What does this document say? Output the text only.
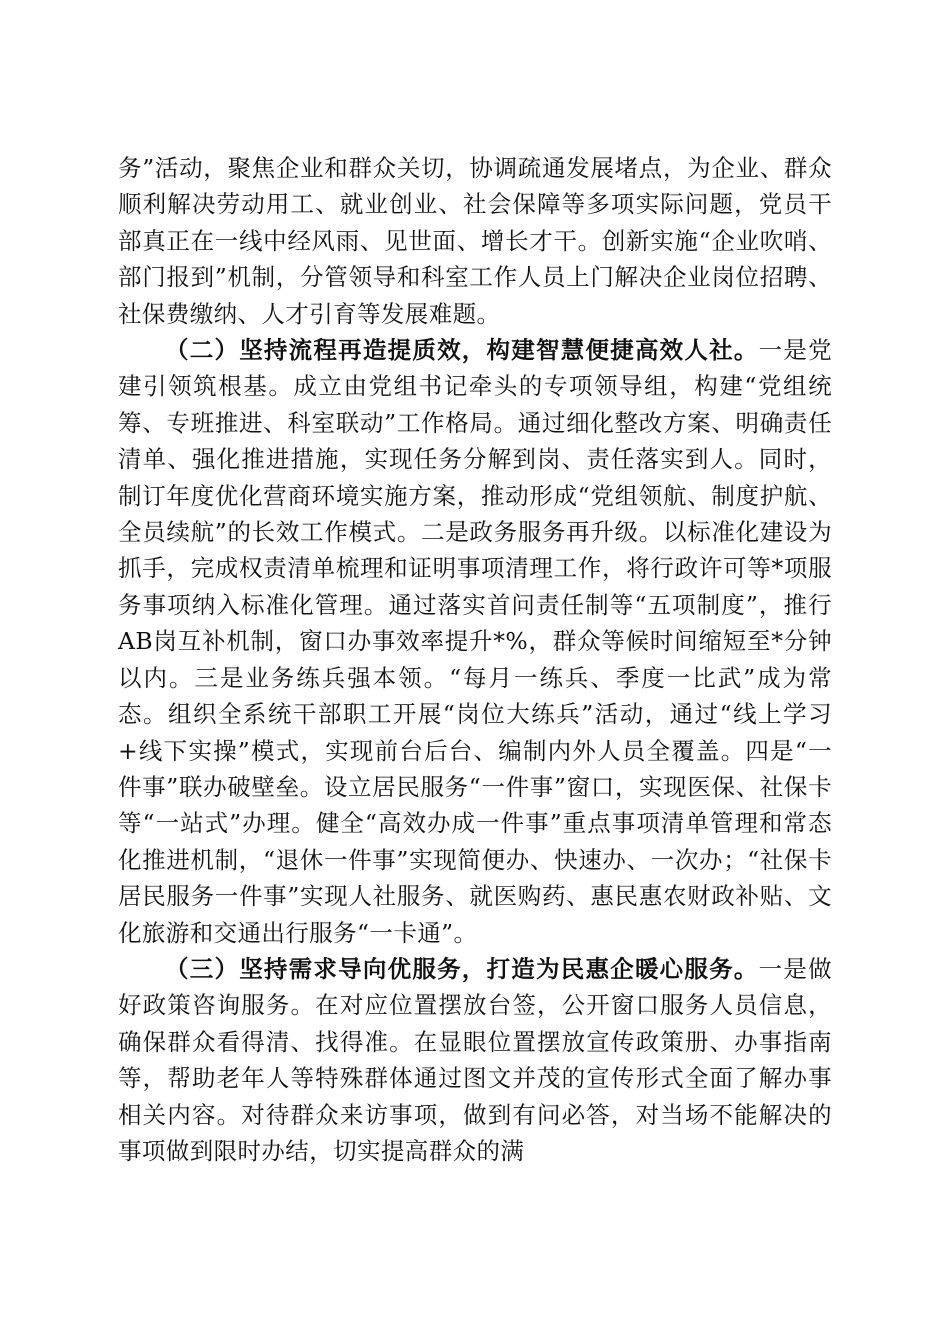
务”活动，聚焦企业和群众关切，协调疏通发展堵点，为企业、群众顺利解决劳动用工、就业创业、社会保障等多项实际问题，党员干部真正在一线中经风雨、见世面、增长才干。创新实施“企业吹哨、部门报到”机制，分管领导和科室工作人员上门解决企业岗位招聘、社保费缴纳、人才引育等发展难题。

（二）坚持流程再造提质效，构建智慧便捷高效人社。一是党建引领筑根基。成立由党组书记牵头的专项领导组，构建“党组统筹、专班推进、科室联动”工作格局。通过细化整改方案、明确责任清单、强化推进措施，实现任务分解到岗、责任落实到人。同时，制订年度优化营商环境实施方案，推动形成“党组领航、制度护航、全员续航”的长效工作模式。二是政务服务再升级。以标准化建设为抓手，完成权责清单梳理和证明事项清理工作，将行政许可等*项服务事项纳入标准化管理。通过落实首问责任制等“五项制度”，推行AB岗互补机制，窗口办事效率提升*%，群众等候时间缩短至*分钟以内。三是业务练兵强本领。“每月一练兵、季度一比武”成为常态。组织全系统干部职工开展“岗位大练兵”活动，通过“线上学习+线下实操”模式，实现前台后台、编制内外人员全覆盖。四是“一件事”联办破壁垒。设立居民服务“一件事”窗口，实现医保、社保卡等“一站式”办理。健全“高效办成一件事”重点事项清单管理和常态化推进机制，“退休一件事”实现简便办、快速办、一次办；“社保卡居民服务一件事”实现人社服务、就医购药、惠民惠农财政补贴、文化旅游和交通出行服务“一卡通”。

（三）坚持需求导向优服务，打造为民惠企暖心服务。一是做好政策咨询服务。在对应位置摆放台签，公开窗口服务人员信息，确保群众看得清、找得准。在显眼位置摆放宣传政策册、办事指南等，帮助老年人等特殊群体通过图文并茂的宣传形式全面了解办事相关内容。对待群众来访事项，做到有问必答，对当场不能解决的事项做到限时办结，切实提高群众的满
